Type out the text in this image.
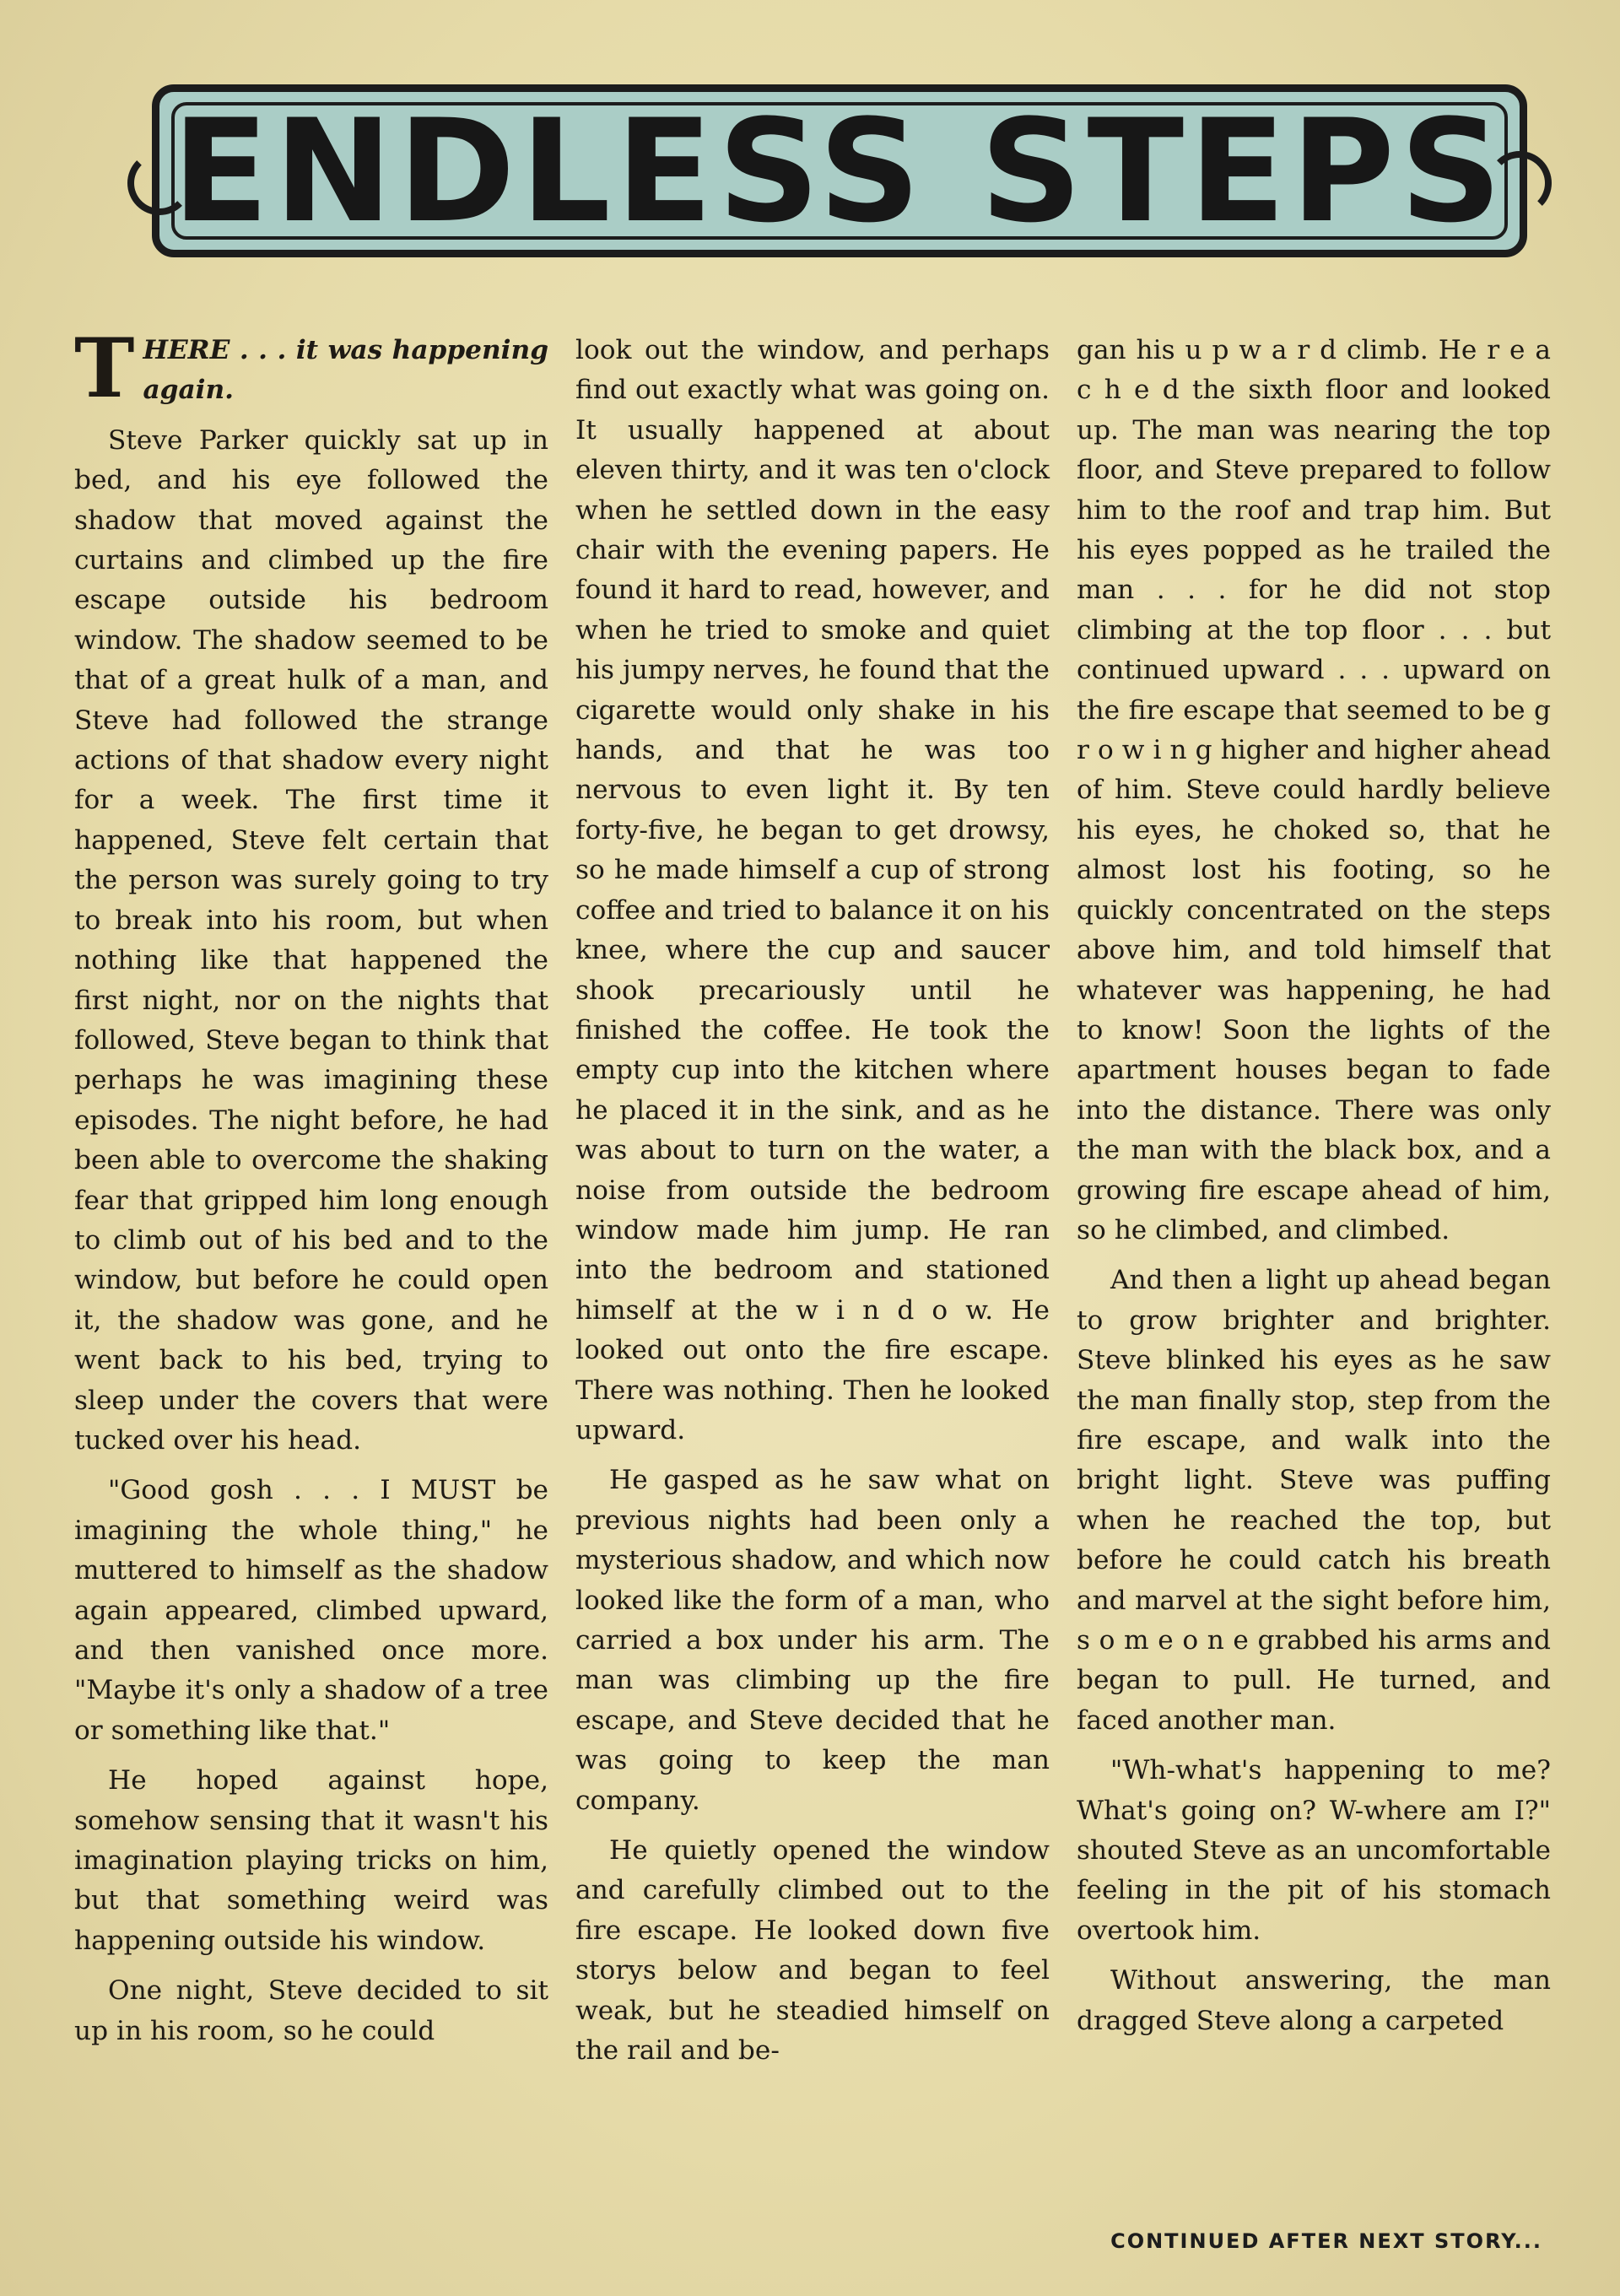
ENDLESS STEPS

THERE . . . it was happening again.

Steve Parker quickly sat up in bed, and his eye followed the shadow that moved against the curtains and climbed up the fire escape outside his bedroom window. The shadow seemed to be that of a great hulk of a man, and Steve had followed the strange actions of that shadow every night for a week. The first time it happened, Steve felt certain that the person was surely going to try to break into his room, but when nothing like that happened the first night, nor on the nights that followed, Steve began to think that perhaps he was imagining these episodes. The night before, he had been able to overcome the shaking fear that gripped him long enough to climb out of his bed and to the window, but before he could open it, the shadow was gone, and he went back to his bed, trying to sleep under the covers that were tucked over his head.

"Good gosh . . . I MUST be imagining the whole thing," he muttered to himself as the shadow again appeared, climbed upward, and then vanished once more. "Maybe it's only a shadow of a tree or something like that."

He hoped against hope, somehow sensing that it wasn't his imagination playing tricks on him, but that something weird was happening outside his window.

One night, Steve decided to sit up in his room, so he could

look out the window, and perhaps find out exactly what was going on. It usually happened at about eleven thirty, and it was ten o'clock when he settled down in the easy chair with the evening papers. He found it hard to read, however, and when he tried to smoke and quiet his jumpy nerves, he found that the cigarette would only shake in his hands, and that he was too nervous to even light it. By ten forty-five, he began to get drowsy, so he made himself a cup of strong coffee and tried to balance it on his knee, where the cup and saucer shook precariously until he finished the coffee. He took the empty cup into the kitchen where he placed it in the sink, and as he was about to turn on the water, a noise from outside the bedroom window made him jump. He ran into the bedroom and stationed himself at the w i n d o w. He looked out onto the fire escape. There was nothing. Then he looked upward.

He gasped as he saw what on previous nights had been only a mysterious shadow, and which now looked like the form of a man, who carried a box under his arm. The man was climbing up the fire escape, and Steve decided that he was going to keep the man company.

He quietly opened the window and carefully climbed out to the fire escape. He looked down five storys below and began to feel weak, but he steadied himself on the rail and be-

gan his u p w a r d climb. He r e a c h e d the sixth floor and looked up. The man was nearing the top floor, and Steve prepared to follow him to the roof and trap him. But his eyes popped as he trailed the man . . . for he did not stop climbing at the top floor . . . but continued upward . . . upward on the fire escape that seemed to be g r o w i n g higher and higher ahead of him. Steve could hardly believe his eyes, he choked so, that he almost lost his footing, so he quickly concentrated on the steps above him, and told himself that whatever was happening, he had to know! Soon the lights of the apartment houses began to fade into the distance. There was only the man with the black box, and a growing fire escape ahead of him, so he climbed, and climbed.

And then a light up ahead began to grow brighter and brighter. Steve blinked his eyes as he saw the man finally stop, step from the fire escape, and walk into the bright light. Steve was puffing when he reached the top, but before he could catch his breath and marvel at the sight before him, s o m e o n e grabbed his arms and began to pull. He turned, and faced another man.

"Wh-what's happening to me? What's going on? W-where am I?" shouted Steve as an uncomfortable feeling in the pit of his stomach overtook him.

Without answering, the man dragged Steve along a carpeted

CONTINUED AFTER NEXT STORY...
